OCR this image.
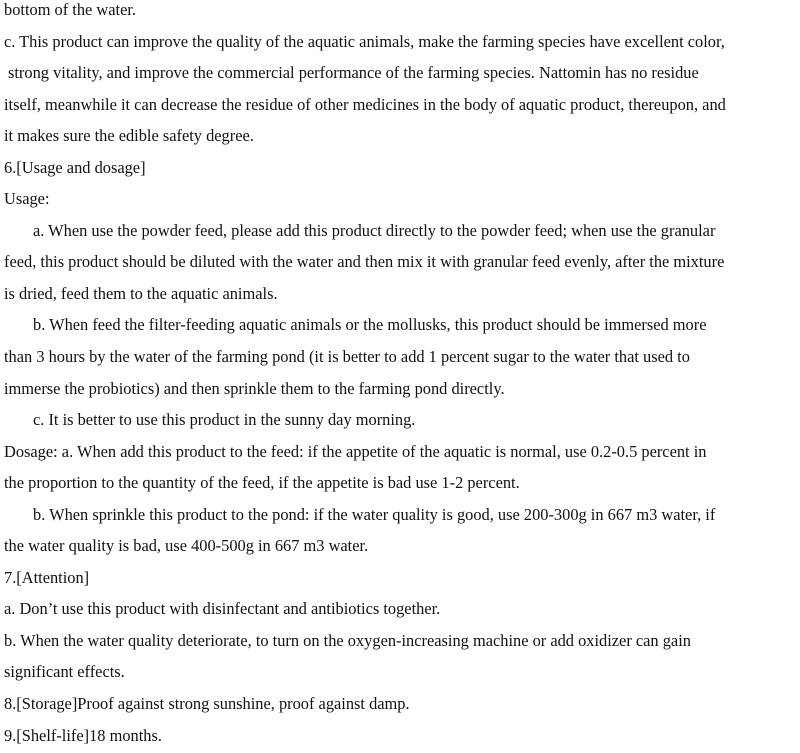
bottom of the water.

c. This product can improve the quality of the aquatic animals, make the farming species have excellent color,

strong vitality, and improve the commercial performance of the farming species. Nattomin has no residue

itself, meanwhile it can decrease the residue of other medicines in the body of aquatic product, thereupon, and

it makes sure the edible safety degree.

6.[Usage and dosage]

Usage:

a. When use the powder feed, please add this product directly to the powder feed; when use the granular

feed, this product should be diluted with the water and then mix it with granular feed evenly, after the mixture

is dried, feed them to the aquatic animals.

b. When feed the filter-feeding aquatic animals or the mollusks, this product should be immersed more

than 3 hours by the water of the farming pond (it is better to add 1 percent sugar to the water that used to

immerse the probiotics) and then sprinkle them to the farming pond directly.

c. It is better to use this product in the sunny day morning.

Dosage: a. When add this product to the feed: if the appetite of the aquatic is normal, use 0.2-0.5 percent in

the proportion to the quantity of the feed, if the appetite is bad use 1-2 percent.

b. When sprinkle this product to the pond: if the water quality is good, use 200-300g in 667 m3 water, if

the water quality is bad, use 400-500g in 667 m3 water.

7.[Attention]

a. Don’t use this product with disinfectant and antibiotics together.

b. When the water quality deteriorate, to turn on the oxygen-increasing machine or add oxidizer can gain

significant effects.

8.[Storage]Proof against strong sunshine, proof against damp.

9.[Shelf-life]18 months.
